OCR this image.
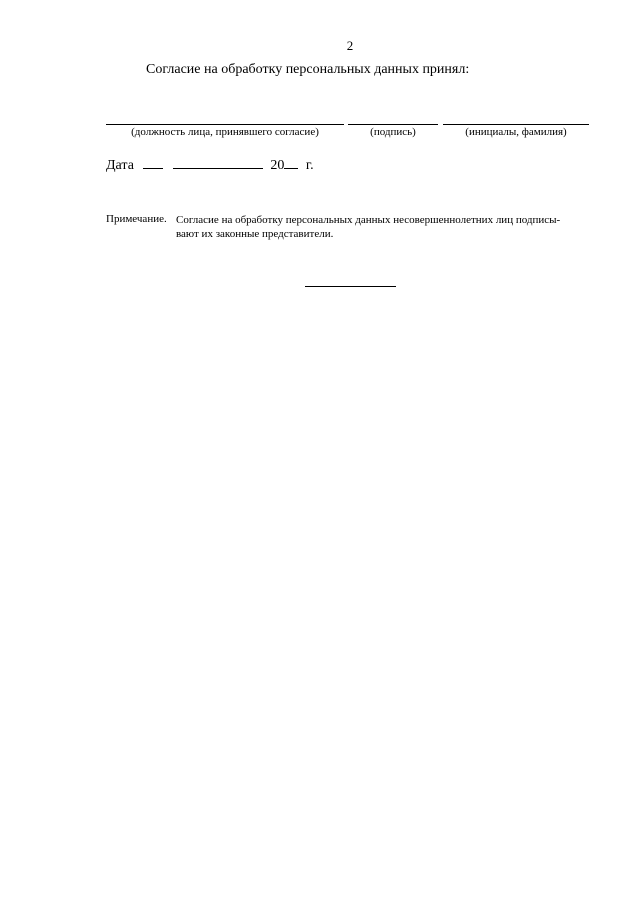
2
Согласие на обработку персональных данных принял:
(должность лица, принявшего согласие)	(подпись)	(инициалы, фамилия)
Дата	20 г.
Примечание. Согласие на обработку персональных данных несовершеннолетних лиц подписы-
вают их законные представители.
